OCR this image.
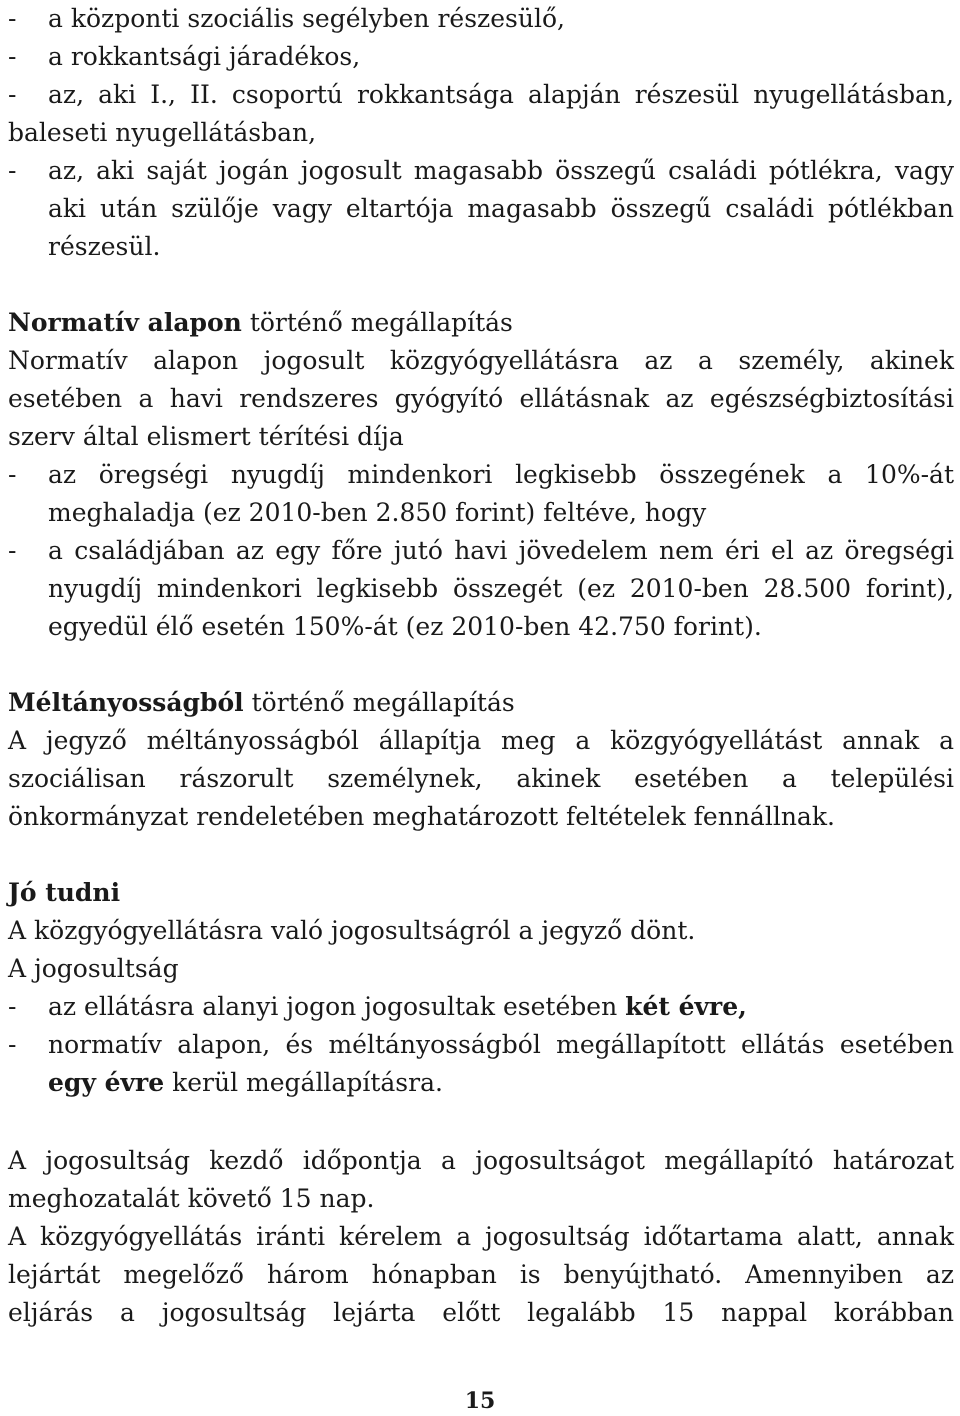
-	a központi szociális segélyben részesülő,
-	a rokkantsági járadékos,
-	az, aki I., II. csoportú rokkantsága alapján részesül nyugellátásban,
baleseti nyugellátásban,
-	az, aki saját jogán jogosult magasabb összegű családi pótlékra, vagy
aki után szülője vagy eltartója magasabb összegű családi pótlékban
részesül.
Normatív alapon történő megállapítás
Normatív alapon jogosult közgyógyellátásra az a személy, akinek
esetében a havi rendszeres gyógyító ellátásnak az egészségbiztosítási
szerv által elismert térítési díja
-	az öregségi nyugdíj mindenkori legkisebb összegének a 10%-át
meghaladja (ez 2010-ben 2.850 forint) feltéve, hogy
-	a családjában az egy főre jutó havi jövedelem nem éri el az öregségi
nyugdíj mindenkori legkisebb összegét (ez 2010-ben 28.500 forint),
egyedül élő esetén 150%-át (ez 2010-ben 42.750 forint).
Méltányosságból történő megállapítás
A jegyző méltányosságból állapítja meg a közgyógyellátást annak a
szociálisan rászorult személynek, akinek esetében a települési
önkormányzat rendeletében meghatározott feltételek fennállnak.
Jó tudni
A közgyógyellátásra való jogosultságról a jegyző dönt.
A jogosultság
-	az ellátásra alanyi jogon jogosultak esetében két évre,
-	normatív alapon, és méltányosságból megállapított ellátás esetében
egy évre kerül megállapításra.
A jogosultság kezdő időpontja a jogosultságot megállapító határozat
meghozatalát követő 15 nap.
A közgyógyellátás iránti kérelem a jogosultság időtartama alatt, annak
lejártát megelőző három hónapban is benyújtható. Amennyiben az
eljárás a jogosultság lejárta előtt legalább 15 nappal korábban
15
